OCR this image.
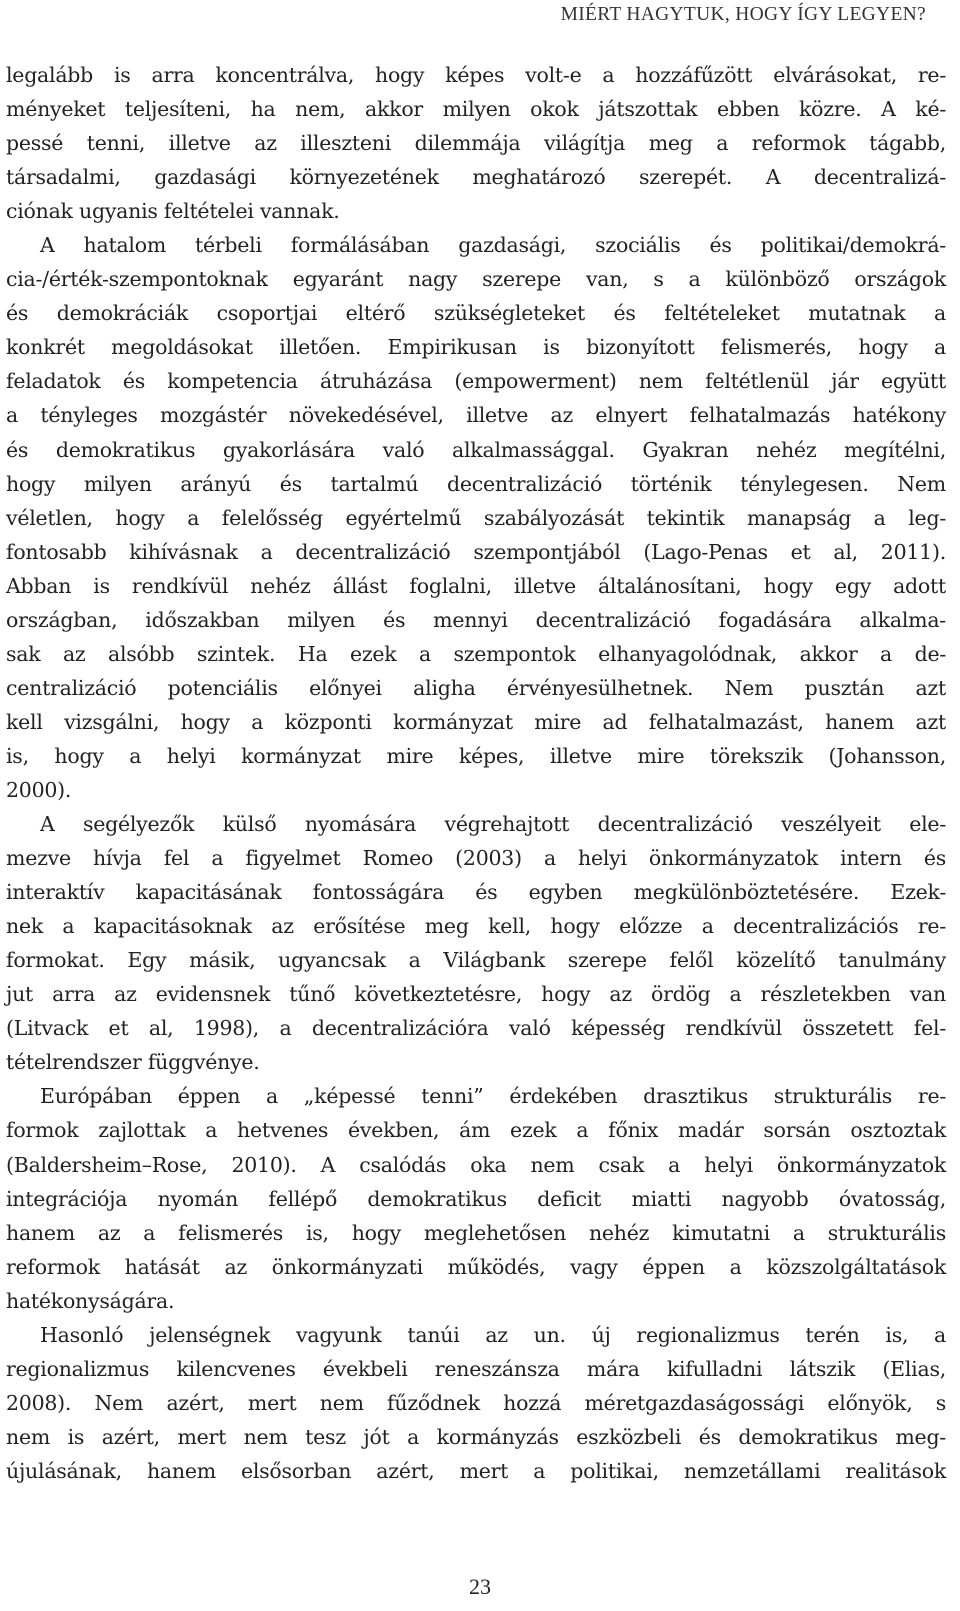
MIÉRT HAGYTUK, HOGY ÍGY LEGYEN?
legalább is arra koncentrálva, hogy képes volt-e a hozzáfűzött elvárásokat, re-
ményeket teljesíteni, ha nem, akkor milyen okok játszottak ebben közre. A ké-
pessé tenni, illetve az illeszteni dilemmája világítja meg a reformok tágabb,
társadalmi, gazdasági környezetének meghatározó szerepét. A decentralizá-
ciónak ugyanis feltételei vannak.
A hatalom térbeli formálásában gazdasági, szociális és politikai/demokrá-
cia-/érték-szempontoknak egyaránt nagy szerepe van, s a különböző országok
és demokráciák csoportjai eltérő szükségleteket és feltételeket mutatnak a
konkrét megoldásokat illetően. Empirikusan is bizonyított felismerés, hogy a
feladatok és kompetencia átruházása (empowerment) nem feltétlenül jár együtt
a tényleges mozgástér növekedésével, illetve az elnyert felhatalmazás hatékony
és demokratikus gyakorlására való alkalmassággal. Gyakran nehéz megítélni,
hogy milyen arányú és tartalmú decentralizáció történik ténylegesen. Nem
véletlen, hogy a felelősség egyértelmű szabályozását tekintik manapság a leg-
fontosabb kihívásnak a decentralizáció szempontjából (Lago-Penas et al, 2011).
Abban is rendkívül nehéz állást foglalni, illetve általánosítani, hogy egy adott
országban, időszakban milyen és mennyi decentralizáció fogadására alkalma-
sak az alsóbb szintek. Ha ezek a szempontok elhanyagolódnak, akkor a de-
centralizáció potenciális előnyei aligha érvényesülhetnek. Nem pusztán azt
kell vizsgálni, hogy a központi kormányzat mire ad felhatalmazást, hanem azt
is, hogy a helyi kormányzat mire képes, illetve mire törekszik (Johansson,
2000).
A segélyezők külső nyomására végrehajtott decentralizáció veszélyeit ele-
mezve hívja fel a figyelmet Romeo (2003) a helyi önkormányzatok intern és
interaktív kapacitásának fontosságára és egyben megkülönböztetésére. Ezek-
nek a kapacitásoknak az erősítése meg kell, hogy előzze a decentralizációs re-
formokat. Egy másik, ugyancsak a Világbank szerepe felől közelítő tanulmány
jut arra az evidensnek tűnő következtetésre, hogy az ördög a részletekben van
(Litvack et al, 1998), a decentralizációra való képesség rendkívül összetett fel-
tételrendszer függvénye.
Európában éppen a „képessé tenni” érdekében drasztikus strukturális re-
formok zajlottak a hetvenes években, ám ezek a főnix madár sorsán osztoztak
(Baldersheim–Rose, 2010). A csalódás oka nem csak a helyi önkormányzatok
integrációja nyomán fellépő demokratikus deficit miatti nagyobb óvatosság,
hanem az a felismerés is, hogy meglehetősen nehéz kimutatni a strukturális
reformok hatását az önkormányzati működés, vagy éppen a közszolgáltatások
hatékonyságára.
Hasonló jelenségnek vagyunk tanúi az un. új regionalizmus terén is, a
regionalizmus kilencvenes évekbeli reneszánsza mára kifulladni látszik (Elias,
2008). Nem azért, mert nem fűződnek hozzá méretgazdaságossági előnyök, s
nem is azért, mert nem tesz jót a kormányzás eszközbeli és demokratikus meg-
újulásának, hanem elsősorban azért, mert a politikai, nemzetállami realitások
23
